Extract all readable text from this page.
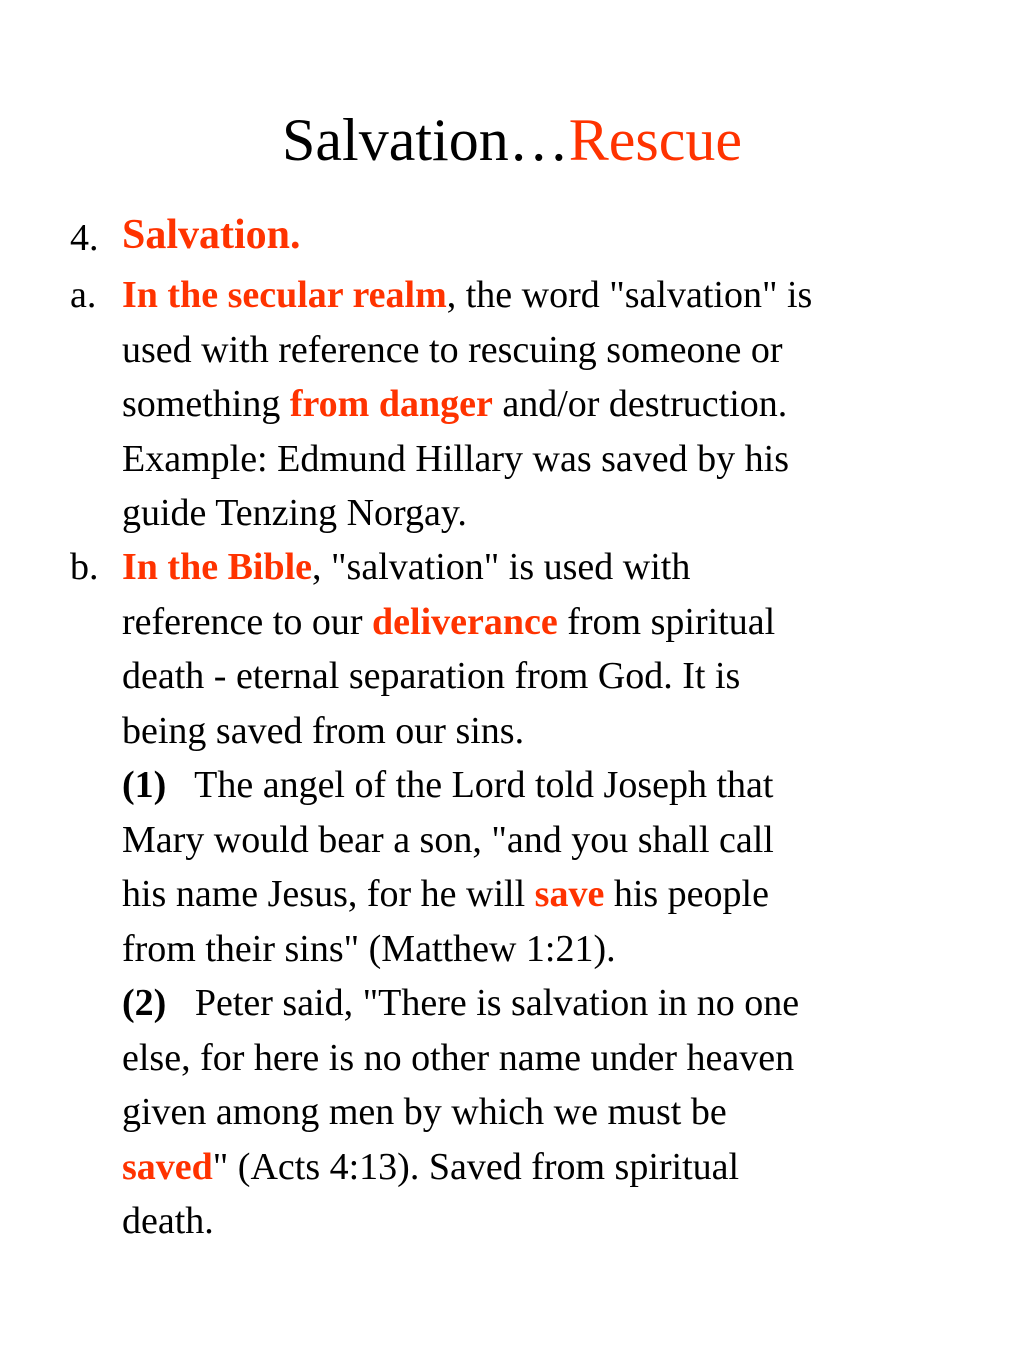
Salvation…Rescue
4. Salvation.
a. In the secular realm, the word "salvation" is
used with reference to rescuing someone or
something from danger and/or destruction.
Example: Edmund Hillary was saved by his
guide Tenzing Norgay.
b. In the Bible, "salvation" is used with
reference to our deliverance from spiritual
death - eternal separation from God. It is
being saved from our sins.
(1)   The angel of the Lord told Joseph that
Mary would bear a son, "and you shall call
his name Jesus, for he will save his people
from their sins" (Matthew 1:21).
(2)   Peter said, "There is salvation in no one
else, for here is no other name under heaven
given among men by which we must be
saved" (Acts 4:13). Saved from spiritual
death.
